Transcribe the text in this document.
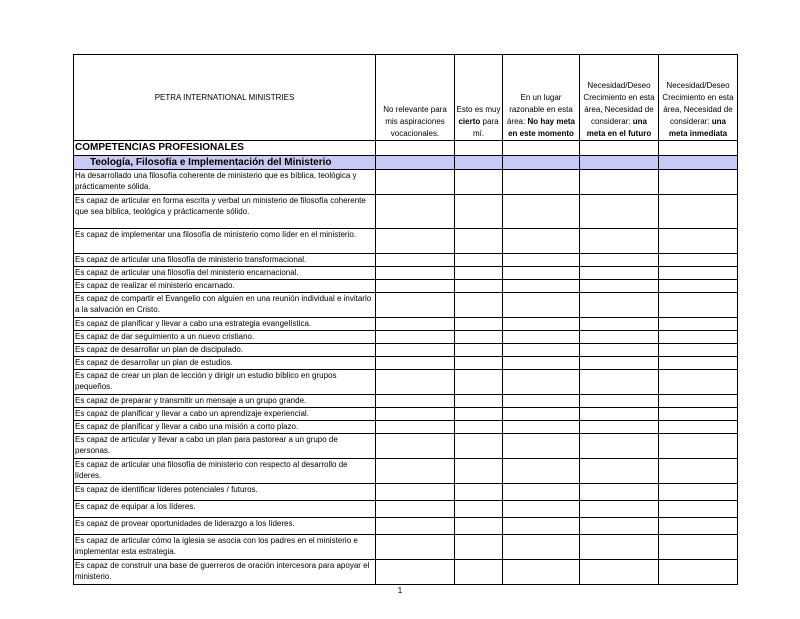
PETRA INTERNATIONAL MINISTRIES	No relevante para mis aspiraciones vocacionales.	Esto es muy cierto para mí.	En un lugar razonable en esta área: No hay meta en este momento	Necesidad/Deseo Crecimiento en esta área, Necesidad de considerar: una meta en el futuro	Necesidad/Deseo Crecimiento en esta área, Necesidad de considerar: una meta inmediata
COMPETENCIAS PROFESIONALES					
Teología, Filosofía e Implementación del Ministerio					
Ha desarrollado una filosofía coherente de ministerio que es bíblica, teológica y prácticamente sólida.					
Es capaz de articular en forma escrita y verbal un ministerio de filosofía coherente que sea bíblica, teológica y prácticamente sólido.					
Es capaz de implementar una filosofía de ministerio como líder en el ministerio.					
Es capaz de articular una filosofía de ministerio transformacional.					
Es capaz de articular una filosofía del ministerio encarnacional.					
Es capaz de realizar el ministerio encarnado.					
Es capaz de compartir el Evangelio con alguien en una reunión individual e invitarlo a la salvación en Cristo.					
Es capaz de planificar y llevar a cabo una estrategia evangelística.					
Es capaz de dar seguimiento a un nuevo cristiano.					
Es capaz de desarrollar un plan de discipulado.					
Es capaz de desarrollar un plan de estudios.					
Es capaz de crear un plan de lección y dirigir un estudio bíblico en grupos pequeños.					
Es capaz de preparar y transmitir un mensaje a un grupo grande.					
Es capaz de planificar y llevar a cabo un aprendizaje experiencial.					
Es capaz de planificar y llevar a cabo una misión a corto plazo.					
Es capaz de articular y llevar a cabo un plan para pastorear a un grupo de personas.					
Es capaz de articular una filosofía de ministerio con respecto al desarrollo de líderes.					
Es capaz de identificar líderes potenciales / futuros.					
Es capaz de equipar a los líderes.					
Es capaz de provear oportunidades de liderazgo a los líderes.					
Es capaz de articular cómo la iglesia se asocia con los padres en el ministerio e implementar esta estrategia.					
Es capaz de construir una base de guerreros de oración intercesora para apoyar el ministerio.					
1
